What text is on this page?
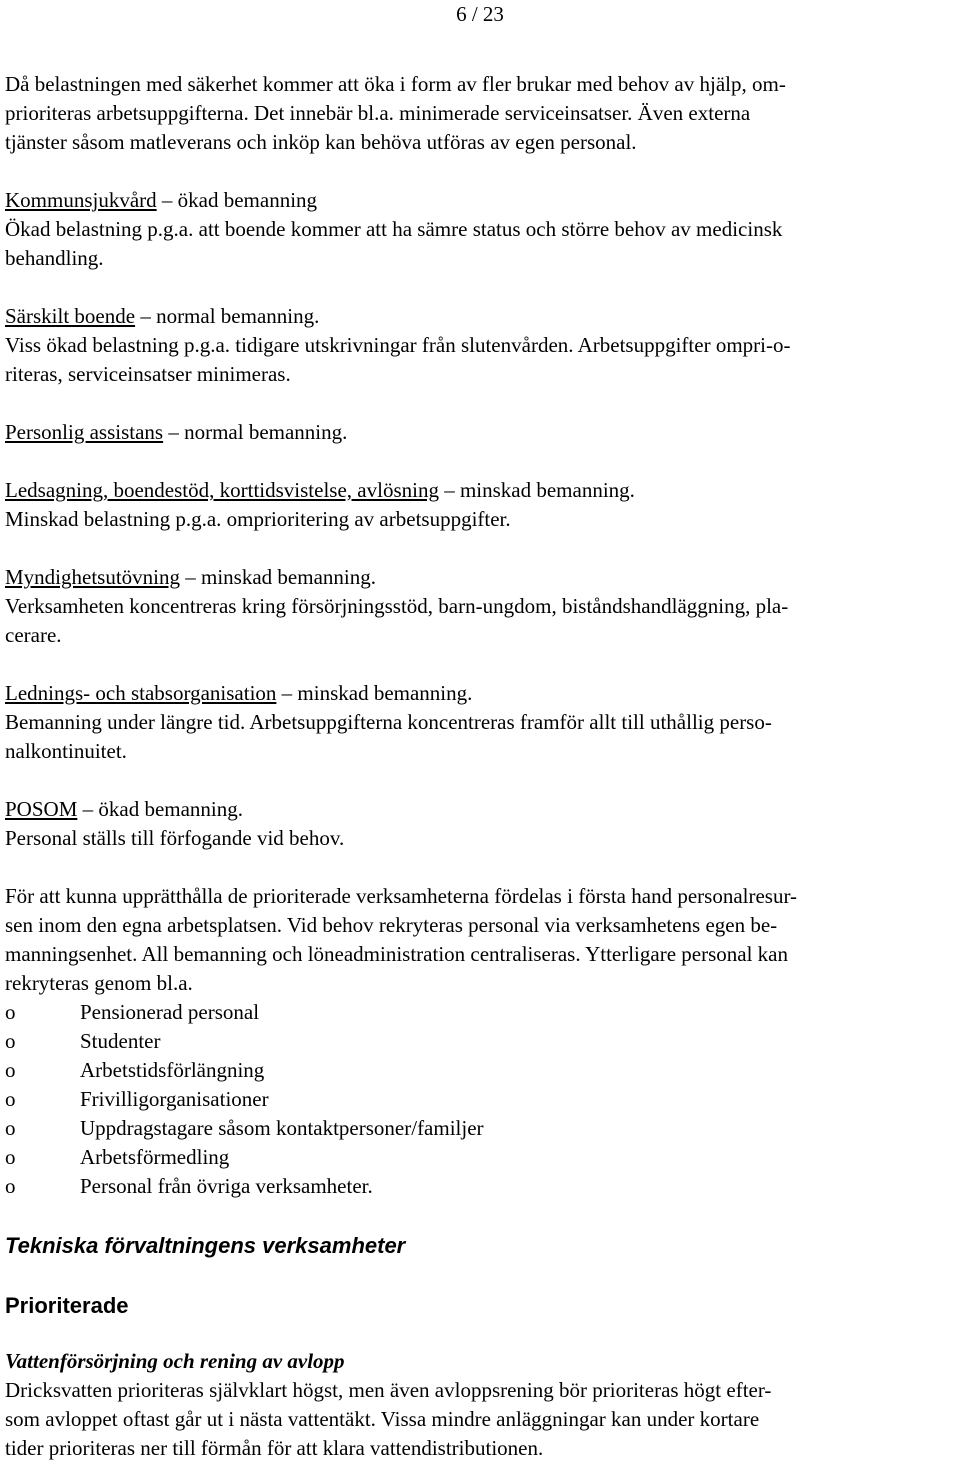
6 / 23

Då belastningen med säkerhet kommer att öka i form av fler brukar med behov av hjälp, om-

prioriteras arbetsuppgifterna. Det innebär bl.a. minimerade serviceinsatser. Även externa

tjänster såsom matleverans och inköp kan behöva utföras av egen personal.

Kommunsjukvård – ökad bemanning

Ökad belastning p.g.a. att boende kommer att ha sämre status och större behov av medicinsk

behandling.

Särskilt boende – normal bemanning.

Viss ökad belastning p.g.a. tidigare utskrivningar från slutenvården. Arbetsuppgifter ompri-o-

riteras, serviceinsatser minimeras.

Personlig assistans – normal bemanning.

Ledsagning, boendestöd, korttidsvistelse, avlösning – minskad bemanning.

Minskad belastning p.g.a. omprioritering av arbetsuppgifter.

Myndighetsutövning – minskad bemanning.

Verksamheten koncentreras kring försörjningsstöd, barn-ungdom, biståndshandläggning, pla-

cerare.

Lednings- och stabsorganisation – minskad bemanning.

Bemanning under längre tid. Arbetsuppgifterna koncentreras framför allt till uthållig perso-

nalkontinuitet.

POSOM – ökad bemanning.

Personal ställs till förfogande vid behov.

För att kunna upprätthålla de prioriterade verksamheterna fördelas i första hand personalresur-

sen inom den egna arbetsplatsen. Vid behov rekryteras personal via verksamhetens egen be-

manningsenhet. All bemanning och löneadministration centraliseras. Ytterligare personal kan

rekryteras genom bl.a.

o	Pensionerad personal
o	Studenter
o	Arbetstidsförlängning
o	Frivilligorganisationer
o	Uppdragstagare såsom kontaktpersoner/familjer
o	Arbetsförmedling
o	Personal från övriga verksamheter.

Tekniska förvaltningens verksamheter

Prioriterade

Vattenförsörjning och rening av avlopp

Dricksvatten prioriteras självklart högst, men även avloppsrening bör prioriteras högt efter-

som avloppet oftast går ut i nästa vattentäkt. Vissa mindre anläggningar kan under kortare

tider prioriteras ner till förmån för att klara vattendistributionen.
